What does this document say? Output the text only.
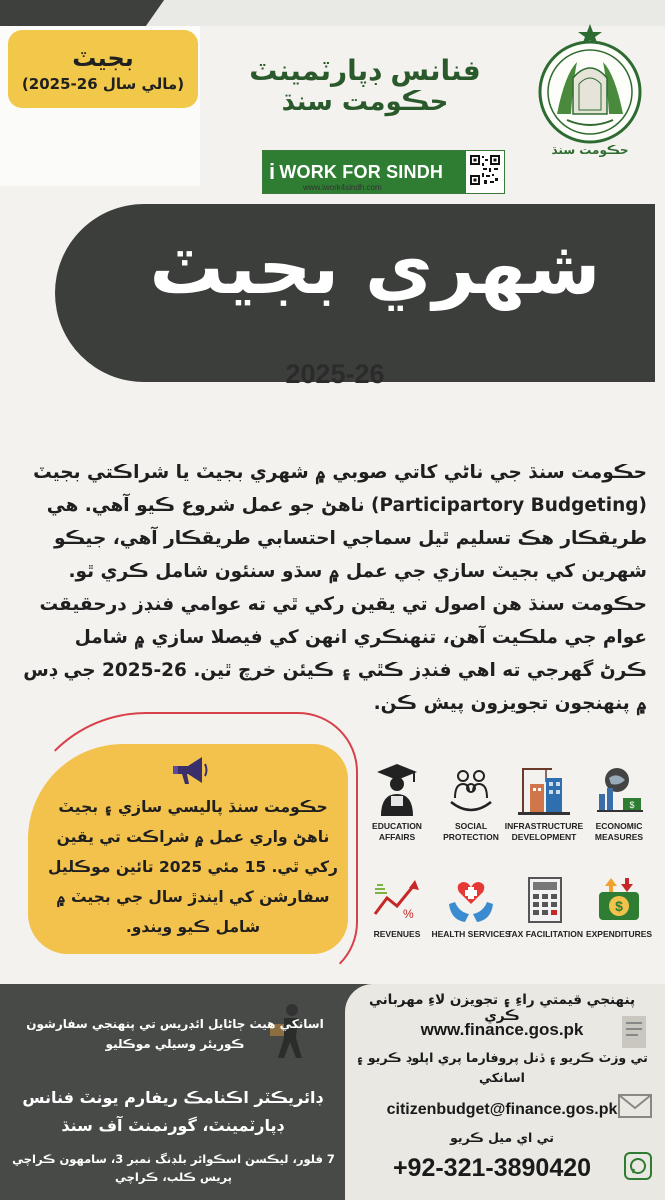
بجيٽ
(مالي سال 26-2025)	فنانس ڊپارٽمينٽ
حڪومت سنڌ
حڪومت سنڌ
i WORK FOR SINDH
www.iwork4sindh.com
شهري بجيٽ
2025-26
حڪومت سنڌ جي ناڻي کاتي صوبي ۾ شهري بجيٽ يا شراڪتي بجيٽ (Participartory Budgeting) ناهڻ جو عمل شروع ڪيو آهي. هي طريقڪار هڪ تسليم ٿيل سماجي احتسابي طريقڪار آهي، جيڪو شهرين کي بجيٽ سازي جي عمل ۾ سڌو سنئون شامل ڪري ٿو.
حڪومت سنڌ هن اصول تي يقين رکي ٿي ته عوامي فنڊز درحقيقت عوام جي ملڪيت آهن، تنهنڪري انهن کي فيصلا سازي ۾ شامل ڪرڻ گهرجي ته اهي فنڊز ڪٿي ۽ ڪيئن خرچ ٿين. 26-2025 جي ڊس ۾ پنهنجون تجويزون پيش ڪن.
حڪومت سنڌ پاليسي سازي ۽ بجيٽ ناهڻ واري عمل ۾ شراڪت تي يقين رکي ٿي. 15 مئي 2025 تائين موڪليل سفارشن کي ايندڙ سال جي بجيٽ ۾ شامل ڪيو ويندو.
EDUCATION AFFAIRS
SOCIAL PROTECTION
INFRASTRUCTURE DEVELOPMENT
$
ECONOMIC MEASURES
%
REVENUES	HEALTH SERVICES
TAX FACILITATION
$
EXPENDITURES
اسانکي هيٺ ڄاڻايل ائڊريس تي پنهنجي سفارشون ڪوريئر وسيلي موڪليو
ڊائريڪٽر اڪنامڪ ريفارم يونٽ فنانس ڊپارٽمينٽ، گورنمنٽ آف سنڌ
7 فلور، ليڪسن اسڪوائر بلڊنگ نمبر 3، سامهون ڪراچي پريس ڪلب، ڪراچي
پنهنجي قيمتي راءِ ۽ تجويزن لاءِ مهرباني ڪري
www.finance.gos.pk
تي وزٽ ڪريو ۽ ڏنل پروفارما پري اپلوڊ ڪريو ۽ اسانکي
citizenbudget@finance.gos.pk
تي اي ميل ڪريو
+92-321-3890420
